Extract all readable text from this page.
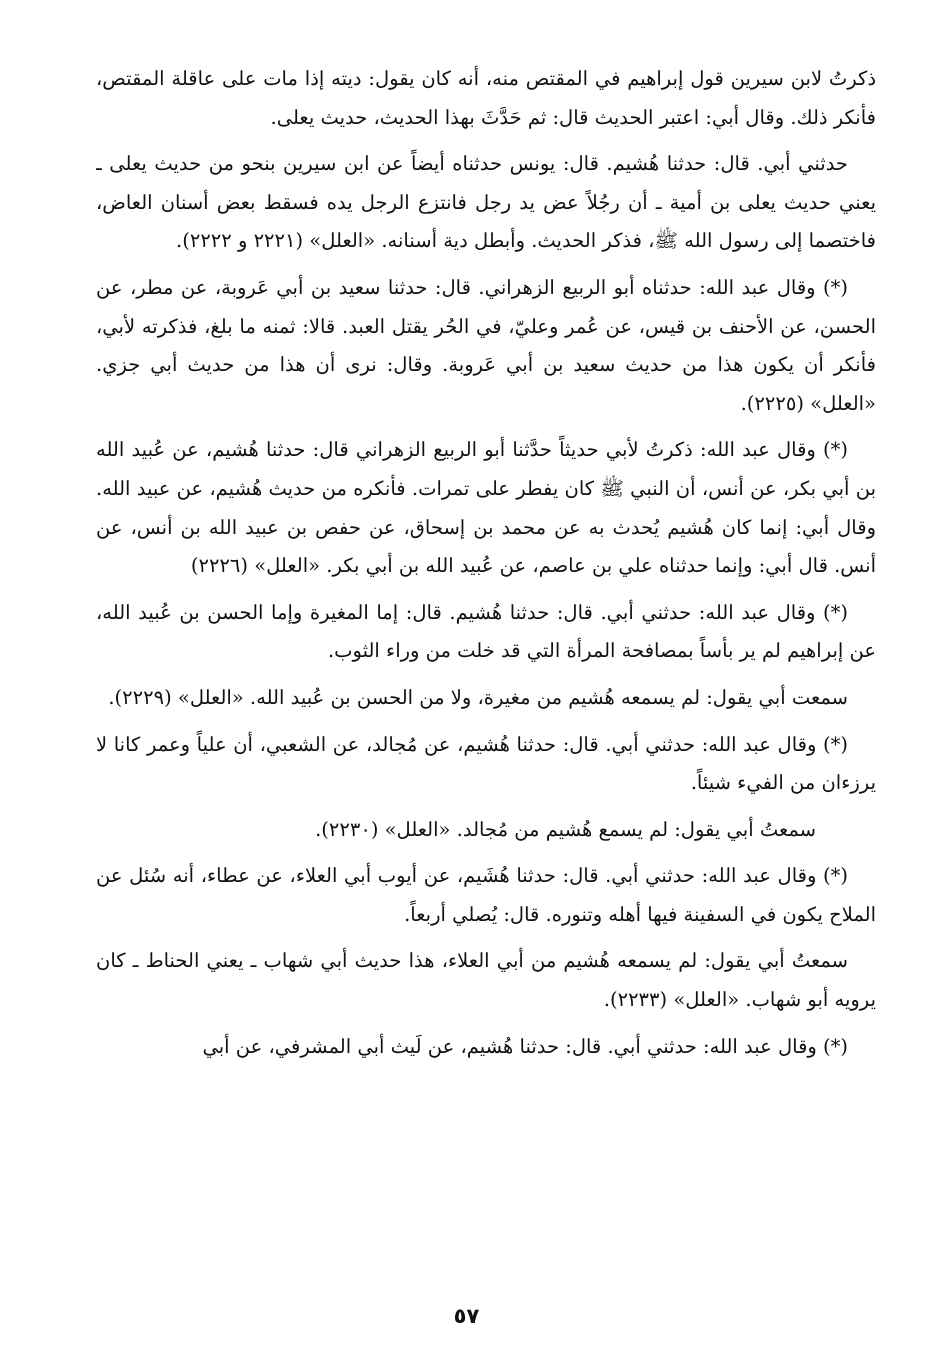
ذكرتُ لابن سيرين قول إبراهيم في المقتص منه، أنه كان يقول: ديته إذا مات على عاقلة المقتص، فأنكر ذلك. وقال أبي: اعتبر الحديث قال: ثم حَدَّثَ بهذا الحديث، حديث يعلى.

حدثني أبي. قال: حدثنا هُشيم. قال: يونس حدثناه أيضاً عن ابن سيرين بنحو من حديث يعلى ـ يعني حديث يعلى بن أمية ـ أن رجُلاً عض يد رجل فانتزع الرجل يده فسقط بعض أسنان العاض، فاختصما إلى رسول الله ﷺ، فذكر الحديث. وأبطل دية أسنانه. «العلل» (٢٢٢١ و ٢٢٢٢).

(*) وقال عبد الله: حدثناه أبو الربيع الزهراني. قال: حدثنا سعيد بن أبي عَروبة، عن مطر، عن الحسن، عن الأحنف بن قيس، عن عُمر وعليّ، في الحُر يقتل العبد. قالا: ثمنه ما بلغ، فذكرته لأبي، فأنكر أن يكون هذا من حديث سعيد بن أبي عَروبة. وقال: نرى أن هذا من حديث أبي جزي. «العلل» (٢٢٢٥).

(*) وقال عبد الله: ذكرتُ لأبي حديثاً حدَّثنا أبو الربيع الزهراني قال: حدثنا هُشيم، عن عُبيد الله بن أبي بكر، عن أنس، أن النبي ﷺ كان يفطر على تمرات. فأنكره من حديث هُشيم، عن عبيد الله. وقال أبي: إنما كان هُشيم يُحدث به عن محمد بن إسحاق، عن حفص بن عبيد الله بن أنس، عن أنس. قال أبي: وإنما حدثناه علي بن عاصم، عن عُبيد الله بن أبي بكر. «العلل» (٢٢٢٦)

(*) وقال عبد الله: حدثني أبي. قال: حدثنا هُشيم. قال: إما المغيرة وإما الحسن بن عُبيد الله، عن إبراهيم لم ير بأساً بمصافحة المرأة التي قد خلت من وراء الثوب.

سمعت أبي يقول: لم يسمعه هُشيم من مغيرة، ولا من الحسن بن عُبيد الله. «العلل» (٢٢٢٩).

(*) وقال عبد الله: حدثني أبي. قال: حدثنا هُشيم، عن مُجالد، عن الشعبي، أن علياً وعمر كانا لا يرزءان من الفيء شيئاً.

سمعتُ أبي يقول: لم يسمع هُشيم من مُجالد. «العلل» (٢٢٣٠).

(*) وقال عبد الله: حدثني أبي. قال: حدثنا هُشَيم، عن أيوب أبي العلاء، عن عطاء، أنه سُئل عن الملاح يكون في السفينة فيها أهله وتنوره. قال: يُصلي أربعاً.

سمعتُ أبي يقول: لم يسمعه هُشيم من أبي العلاء، هذا حديث أبي شهاب ـ يعني الحناط ـ كان يرويه أبو شهاب. «العلل» (٢٢٣٣).

(*) وقال عبد الله: حدثني أبي. قال: حدثنا هُشيم، عن لَيث أبي المشرفي، عن أبي

٥٧
